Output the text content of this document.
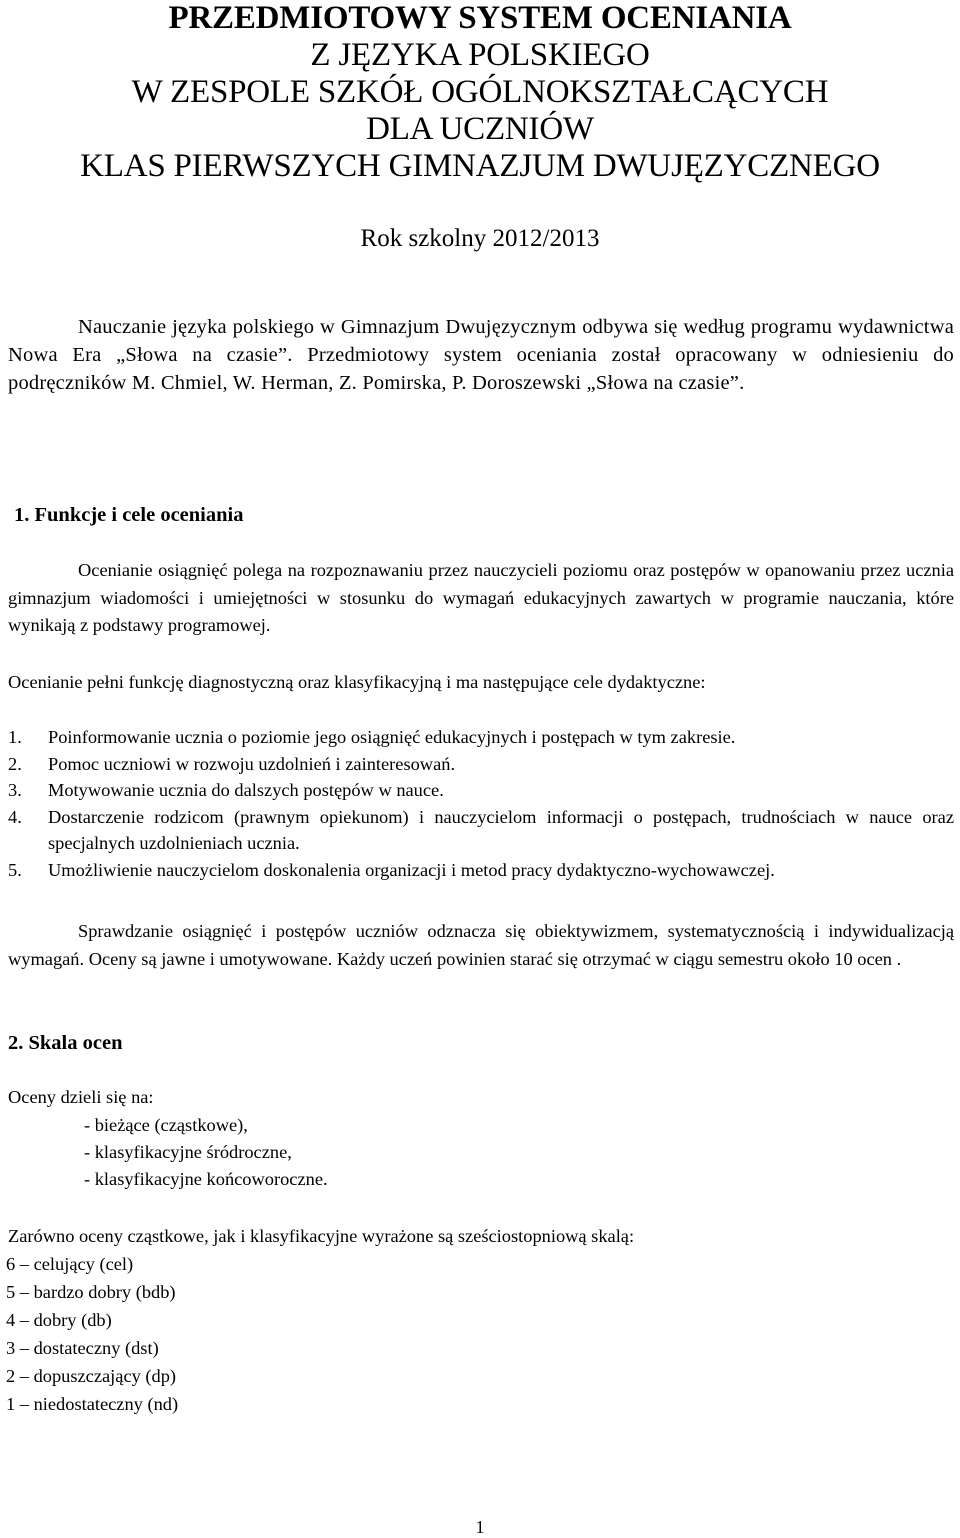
PRZEDMIOTOWY SYSTEM OCENIANIA
Z JĘZYKA POLSKIEGO
W ZESPOLE SZKÓŁ OGÓLNOKSZTAŁCĄCYCH
DLA UCZNIÓW
KLAS PIERWSZYCH GIMNAZJUM DWUJĘZYCZNEGO
Rok szkolny 2012/2013
Nauczanie języka polskiego w Gimnazjum Dwujęzycznym odbywa się według programu wydawnictwa Nowa Era „Słowa na czasie”. Przedmiotowy system oceniania został opracowany w odniesieniu do podręczników M. Chmiel, W. Herman, Z. Pomirska, P. Doroszewski „Słowa na czasie”.
1. Funkcje i cele oceniania
Ocenianie osiągnięć polega na rozpoznawaniu przez nauczycieli poziomu oraz postępów w opanowaniu przez ucznia gimnazjum wiadomości i umiejętności w stosunku do wymagań edukacyjnych zawartych w programie nauczania, które wynikają z podstawy programowej.
Ocenianie pełni funkcję diagnostyczną oraz klasyfikacyjną i ma następujące cele dydaktyczne:
1. Poinformowanie ucznia o poziomie jego osiągnięć edukacyjnych i postępach w tym zakresie.
2. Pomoc uczniowi w rozwoju uzdolnień i zainteresowań.
3. Motywowanie ucznia do dalszych postępów w nauce.
4. Dostarczenie rodzicom (prawnym opiekunom) i nauczycielom informacji o postępach, trudnościach w nauce oraz specjalnych uzdolnieniach ucznia.
5. Umożliwienie nauczycielom doskonalenia organizacji i metod pracy dydaktyczno-wychowawczej.
Sprawdzanie osiągnięć i postępów uczniów odznacza się obiektywizmem, systematycznością i indywidualizacją wymagań. Oceny są jawne i umotywowane. Każdy uczeń powinien starać się otrzymać w ciągu semestru około 10 ocen .
2. Skala ocen
Oceny dzieli się na:
- bieżące (cząstkowe),
- klasyfikacyjne śródroczne,
- klasyfikacyjne końcoworoczne.
Zarówno oceny cząstkowe, jak i klasyfikacyjne wyrażone są sześciostopniową skalą:
6 – celujący (cel)
5 – bardzo dobry (bdb)
4 – dobry (db)
3 – dostateczny (dst)
2 – dopuszczający (dp)
1 – niedostateczny (nd)
1
